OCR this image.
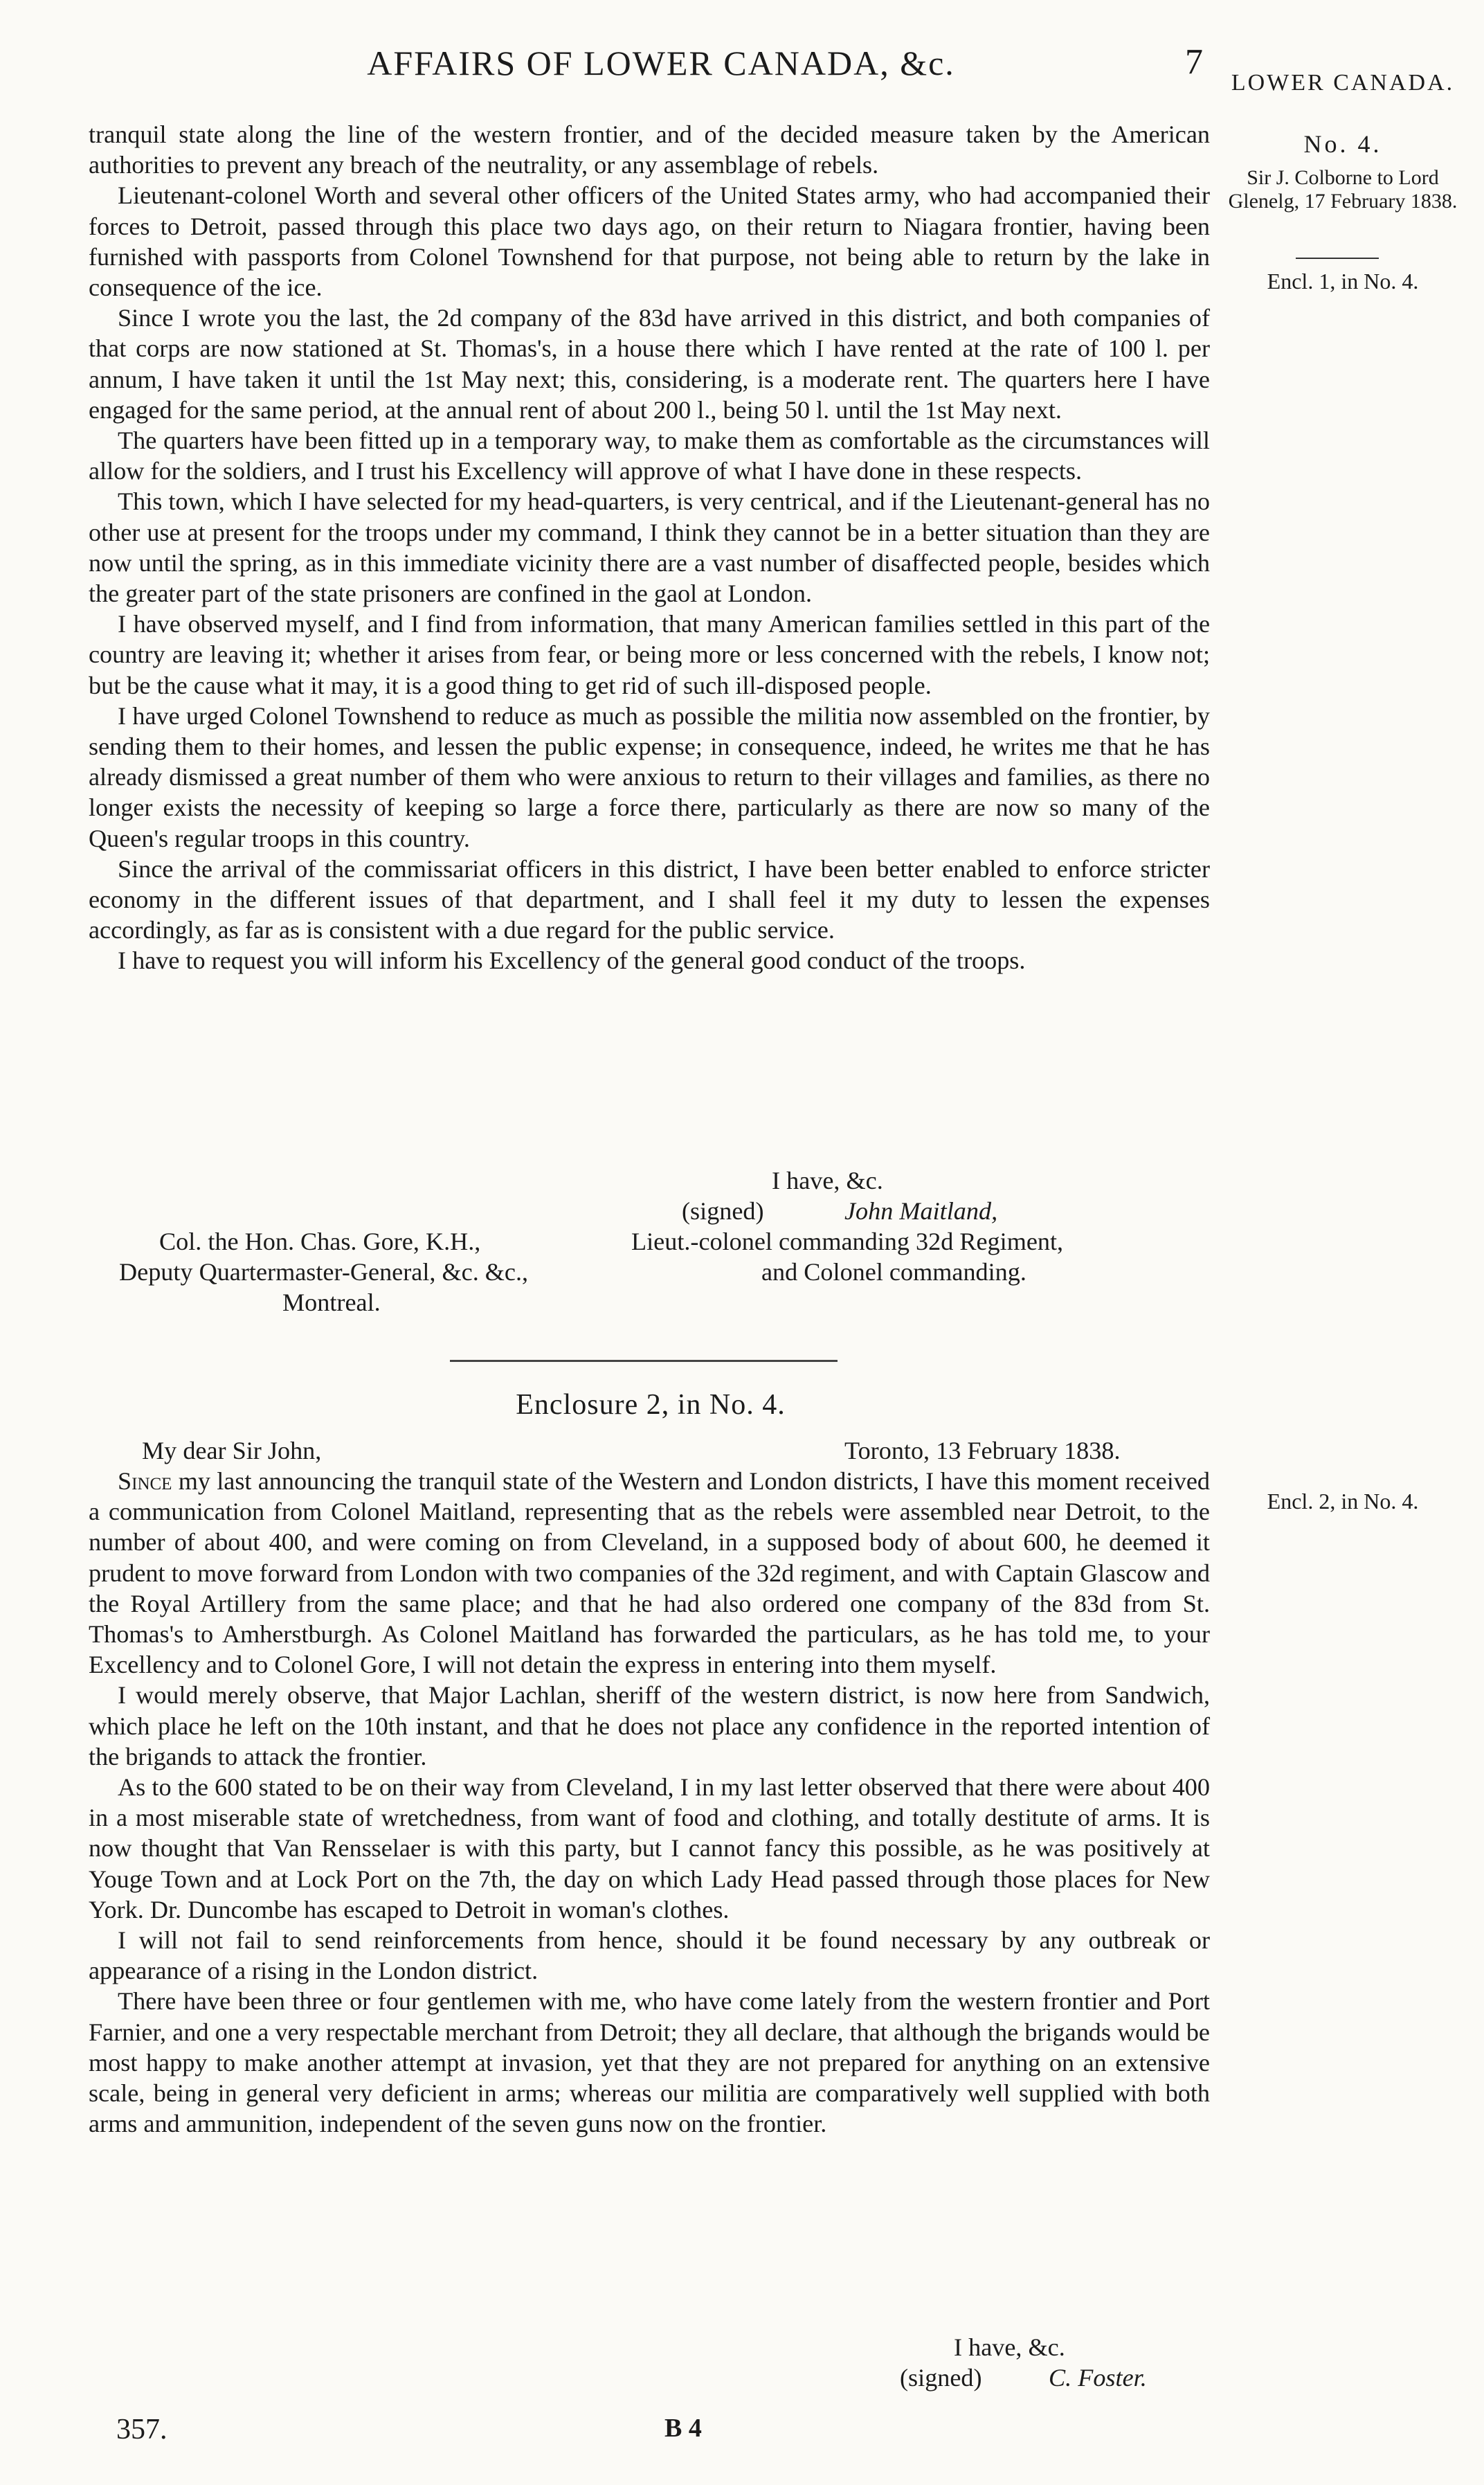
AFFAIRS OF LOWER CANADA, &c.	7
LOWER CANADA.
No. 4.
Sir J. Colborne to Lord Glenelg, 17 February 1838.
Encl. 1, in No. 4.
Encl. 2, in No. 4.

tranquil state along the line of the western frontier, and of the decided measure taken by the American authorities to prevent any breach of the neutrality, or any assemblage of rebels.

Lieutenant-colonel Worth and several other officers of the United States army, who had accompanied their forces to Detroit, passed through this place two days ago, on their return to Niagara frontier, having been furnished with passports from Colonel Townshend for that purpose, not being able to return by the lake in consequence of the ice.

Since I wrote you the last, the 2d company of the 83d have arrived in this district, and both companies of that corps are now stationed at St. Thomas's, in a house there which I have rented at the rate of 100 l. per annum, I have taken it until the 1st May next; this, considering, is a moderate rent. The quarters here I have engaged for the same period, at the annual rent of about 200 l., being 50 l. until the 1st May next.

The quarters have been fitted up in a temporary way, to make them as comfortable as the circumstances will allow for the soldiers, and I trust his Excellency will approve of what I have done in these respects.

This town, which I have selected for my head-quarters, is very centrical, and if the Lieutenant-general has no other use at present for the troops under my command, I think they cannot be in a better situation than they are now until the spring, as in this immediate vicinity there are a vast number of disaffected people, besides which the greater part of the state prisoners are confined in the gaol at London.

I have observed myself, and I find from information, that many American families settled in this part of the country are leaving it; whether it arises from fear, or being more or less concerned with the rebels, I know not; but be the cause what it may, it is a good thing to get rid of such ill-disposed people.

I have urged Colonel Townshend to reduce as much as possible the militia now assembled on the frontier, by sending them to their homes, and lessen the public expense; in consequence, indeed, he writes me that he has already dismissed a great number of them who were anxious to return to their villages and families, as there no longer exists the necessity of keeping so large a force there, particularly as there are now so many of the Queen's regular troops in this country.

Since the arrival of the commissariat officers in this district, I have been better enabled to enforce stricter economy in the different issues of that department, and I shall feel it my duty to lessen the expenses accordingly, as far as is consistent with a due regard for the public service.

I have to request you will inform his Excellency of the general good conduct of the troops.

I have, &c.
(signed)	John Maitland,
Lieut.-colonel commanding 32d Regiment,
and Colonel commanding.
Col. the Hon. Chas. Gore, K.H.,
Deputy Quartermaster-General, &c. &c.,
Montreal.
Enclosure 2, in No. 4.
My dear Sir John,	Toronto, 13 February 1838.

Since my last announcing the tranquil state of the Western and London districts, I have this moment received a communication from Colonel Maitland, representing that as the rebels were assembled near Detroit, to the number of about 400, and were coming on from Cleveland, in a supposed body of about 600, he deemed it prudent to move forward from London with two companies of the 32d regiment, and with Captain Glascow and the Royal Artillery from the same place; and that he had also ordered one company of the 83d from St. Thomas's to Amherstburgh. As Colonel Maitland has forwarded the particulars, as he has told me, to your Excellency and to Colonel Gore, I will not detain the express in entering into them myself.

I would merely observe, that Major Lachlan, sheriff of the western district, is now here from Sandwich, which place he left on the 10th instant, and that he does not place any confidence in the reported intention of the brigands to attack the frontier.

As to the 600 stated to be on their way from Cleveland, I in my last letter observed that there were about 400 in a most miserable state of wretchedness, from want of food and clothing, and totally destitute of arms. It is now thought that Van Rensselaer is with this party, but I cannot fancy this possible, as he was positively at Youge Town and at Lock Port on the 7th, the day on which Lady Head passed through those places for New York. Dr. Duncombe has escaped to Detroit in woman's clothes.

I will not fail to send reinforcements from hence, should it be found necessary by any outbreak or appearance of a rising in the London district.

There have been three or four gentlemen with me, who have come lately from the western frontier and Port Farnier, and one a very respectable merchant from Detroit; they all declare, that although the brigands would be most happy to make another attempt at invasion, yet that they are not prepared for anything on an extensive scale, being in general very deficient in arms; whereas our militia are comparatively well supplied with both arms and ammunition, independent of the seven guns now on the frontier.

I have, &c.
(signed)	C. Foster.
357.	B 4
